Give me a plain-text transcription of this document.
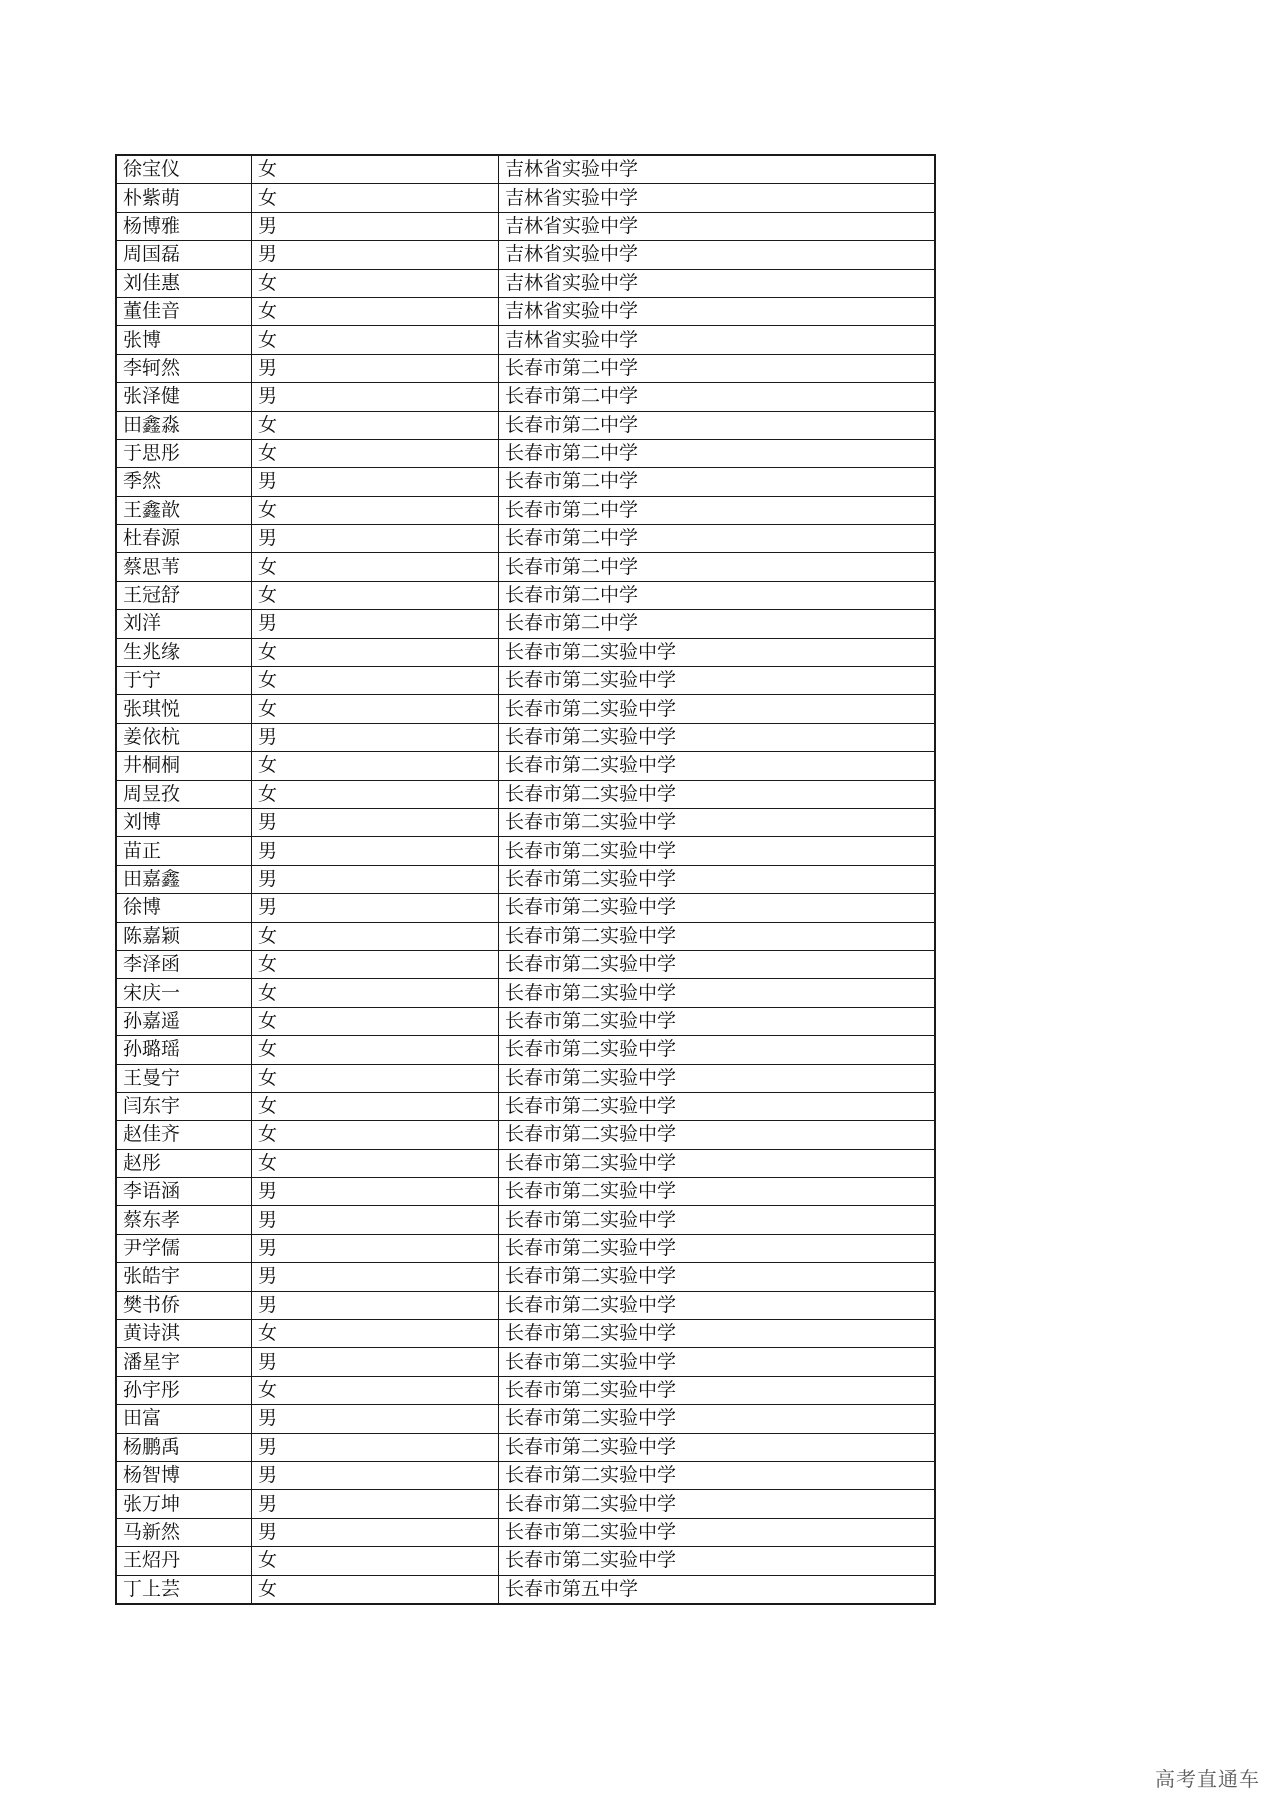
徐宝仪	女	吉林省实验中学
朴紫萌	女	吉林省实验中学
杨博雅	男	吉林省实验中学
周国磊	男	吉林省实验中学
刘佳惠	女	吉林省实验中学
董佳音	女	吉林省实验中学
张博	女	吉林省实验中学
李轲然	男	长春市第二中学
张泽健	男	长春市第二中学
田鑫淼	女	长春市第二中学
于思彤	女	长春市第二中学
季然	男	长春市第二中学
王鑫歆	女	长春市第二中学
杜春源	男	长春市第二中学
蔡思苇	女	长春市第二中学
王冠舒	女	长春市第二中学
刘洋	男	长春市第二中学
生兆缘	女	长春市第二实验中学
于宁	女	长春市第二实验中学
张琪悦	女	长春市第二实验中学
姜依杭	男	长春市第二实验中学
井桐桐	女	长春市第二实验中学
周昱孜	女	长春市第二实验中学
刘博	男	长春市第二实验中学
苗正	男	长春市第二实验中学
田嘉鑫	男	长春市第二实验中学
徐博	男	长春市第二实验中学
陈嘉颖	女	长春市第二实验中学
李泽函	女	长春市第二实验中学
宋庆一	女	长春市第二实验中学
孙嘉遥	女	长春市第二实验中学
孙璐瑶	女	长春市第二实验中学
王曼宁	女	长春市第二实验中学
闫东宇	女	长春市第二实验中学
赵佳齐	女	长春市第二实验中学
赵彤	女	长春市第二实验中学
李语涵	男	长春市第二实验中学
蔡东孝	男	长春市第二实验中学
尹学儒	男	长春市第二实验中学
张皓宇	男	长春市第二实验中学
樊书侨	男	长春市第二实验中学
黄诗淇	女	长春市第二实验中学
潘星宇	男	长春市第二实验中学
孙宇彤	女	长春市第二实验中学
田富	男	长春市第二实验中学
杨鹏禹	男	长春市第二实验中学
杨智博	男	长春市第二实验中学
张万坤	男	长春市第二实验中学
马新然	男	长春市第二实验中学
王炤丹	女	长春市第二实验中学
丁上芸	女	长春市第五中学
高考直通车
